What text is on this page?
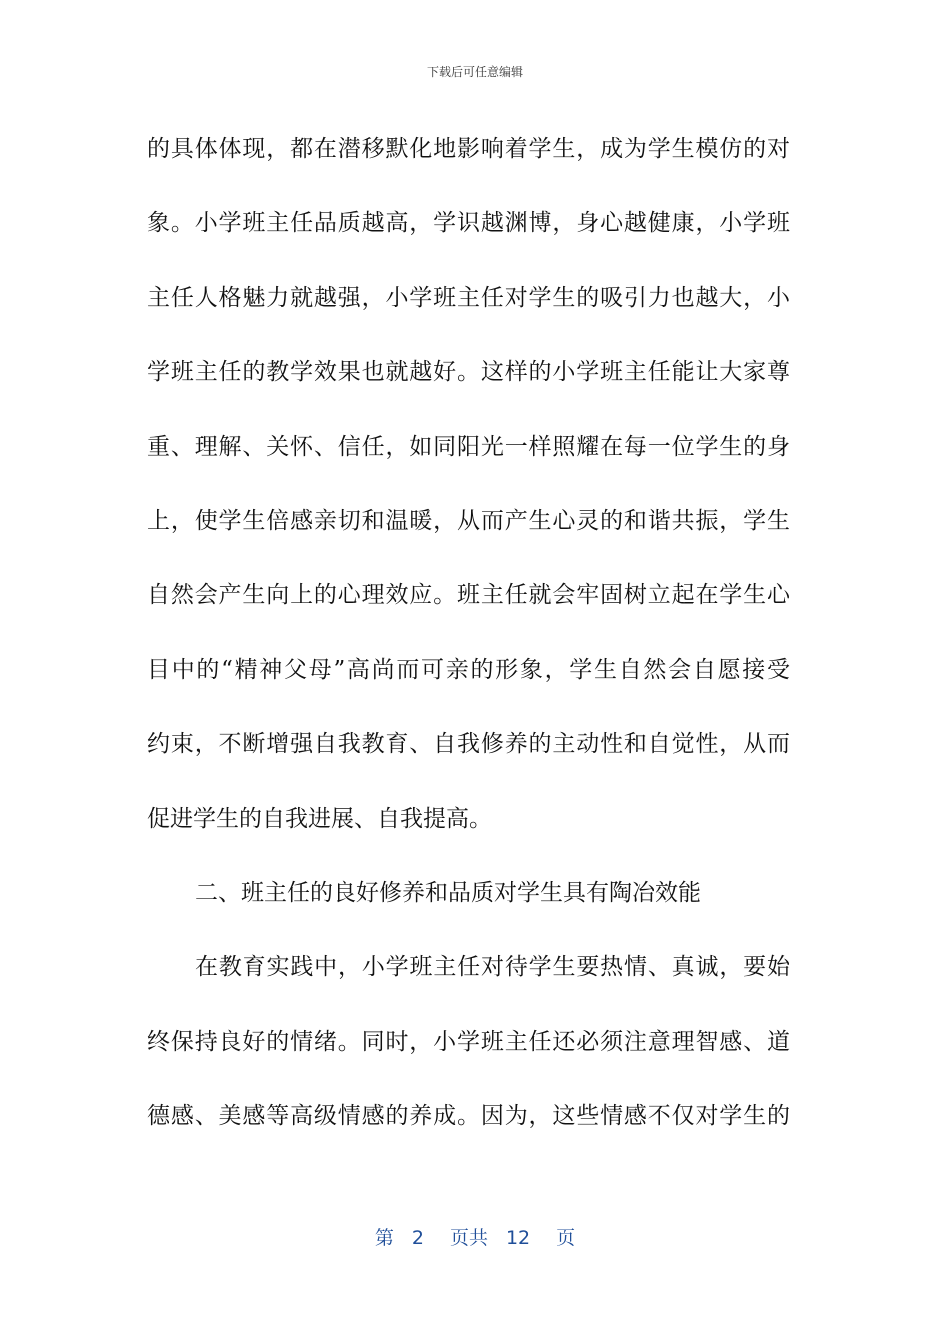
下载后可任意编辑
的具体体现，都在潜移默化地影响着学生，成为学生模仿的对
象。小学班主任品质越高，学识越渊博，身心越健康，小学班
主任人格魅力就越强，小学班主任对学生的吸引力也越大，小
学班主任的教学效果也就越好。这样的小学班主任能让大家尊
重、理解、关怀、信任，如同阳光一样照耀在每一位学生的身
上，使学生倍感亲切和温暖，从而产生心灵的和谐共振，学生
自然会产生向上的心理效应。班主任就会牢固树立起在学生心
目中的“精神父母”高尚而可亲的形象，学生自然会自愿接受
约束，不断增强自我教育、自我修养的主动性和自觉性，从而
促进学生的自我进展、自我提高。
二、班主任的良好修养和品质对学生具有陶冶效能
在教育实践中，小学班主任对待学生要热情、真诚，要始
终保持良好的情绪。同时，小学班主任还必须注意理智感、道
德感、美感等高级情感的养成。因为，这些情感不仅对学生的
第 2 页共 12 页
